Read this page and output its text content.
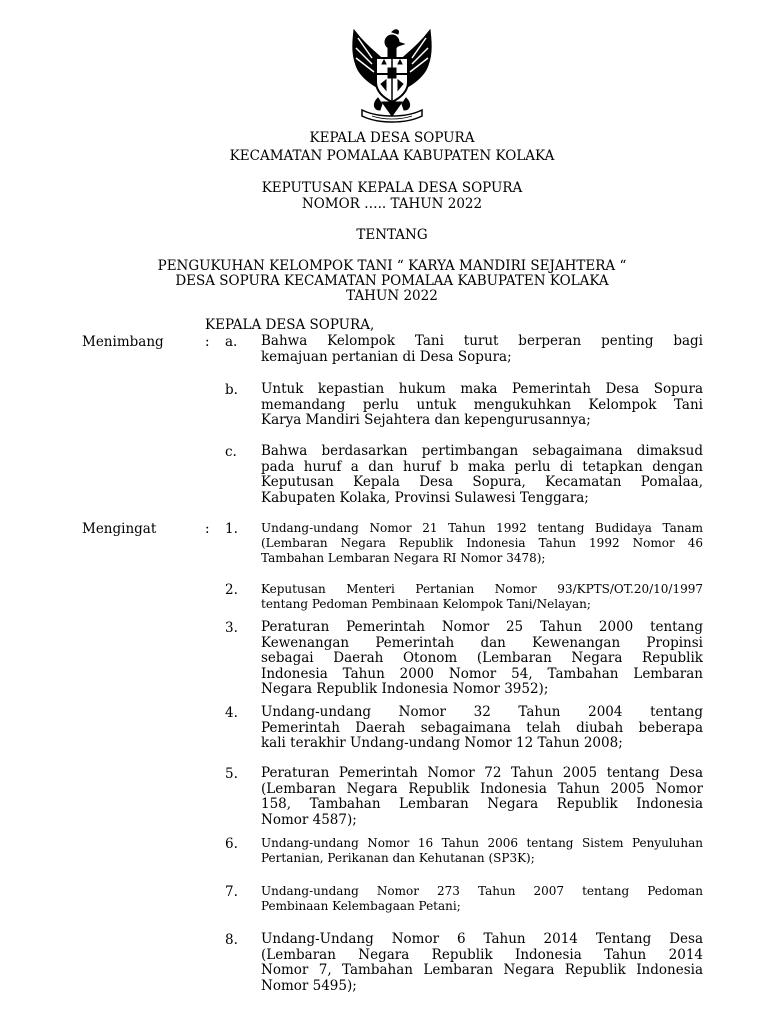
KEPALA DESA SOPURA
KECAMATAN POMALAA KABUPATEN KOLAKA
KEPUTUSAN KEPALA DESA SOPURA
NOMOR ….. TAHUN 2022
TENTANG
PENGUKUHAN KELOMPOK TANI “ KARYA MANDIRI SEJAHTERA “
DESA SOPURA KECAMATAN POMALAA KABUPATEN KOLAKA
TAHUN 2022
KEPALA DESA SOPURA,
Menimbang	: a.	Bahwa Kelompok Tani turut berperan penting bagi
kemajuan pertanian di Desa Sopura;
b.	Untuk kepastian hukum maka Pemerintah Desa Sopura
memandang perlu untuk mengukuhkan Kelompok Tani
Karya Mandiri Sejahtera dan kepengurusannya;
c.	Bahwa berdasarkan pertimbangan sebagaimana dimaksud
pada huruf a dan huruf b maka perlu di tetapkan dengan
Keputusan Kepala Desa Sopura, Kecamatan Pomalaa,
Kabupaten Kolaka, Provinsi Sulawesi Tenggara;
Mengingat	: 1.	Undang-undang Nomor 21 Tahun 1992 tentang Budidaya Tanam
(Lembaran Negara Republik Indonesia Tahun 1992 Nomor 46
Tambahan Lembaran Negara RI Nomor 3478);
2.	Keputusan Menteri Pertanian Nomor 93/KPTS/OT.20/10/1997
tentang Pedoman Pembinaan Kelompok Tani/Nelayan;
3.	Peraturan Pemerintah Nomor 25 Tahun 2000 tentang
Kewenangan Pemerintah dan Kewenangan Propinsi
sebagai Daerah Otonom (Lembaran Negara Republik
Indonesia Tahun 2000 Nomor 54, Tambahan Lembaran
Negara Republik Indonesia Nomor 3952);
4.	Undang-undang Nomor 32 Tahun 2004 tentang
Pemerintah Daerah sebagaimana telah diubah beberapa
kali terakhir Undang-undang Nomor 12 Tahun 2008;
5.	Peraturan Pemerintah Nomor 72 Tahun 2005 tentang Desa
(Lembaran Negara Republik Indonesia Tahun 2005 Nomor
158, Tambahan Lembaran Negara Republik Indonesia
Nomor 4587);
6.	Undang-undang Nomor 16 Tahun 2006 tentang Sistem Penyuluhan
Pertanian, Perikanan dan Kehutanan (SP3K);
7.	Undang-undang Nomor 273 Tahun 2007 tentang Pedoman
Pembinaan Kelembagaan Petani;
8.	Undang-Undang Nomor 6 Tahun 2014 Tentang Desa
(Lembaran Negara Republik Indonesia Tahun 2014
Nomor 7, Tambahan Lembaran Negara Republik Indonesia
Nomor 5495);
